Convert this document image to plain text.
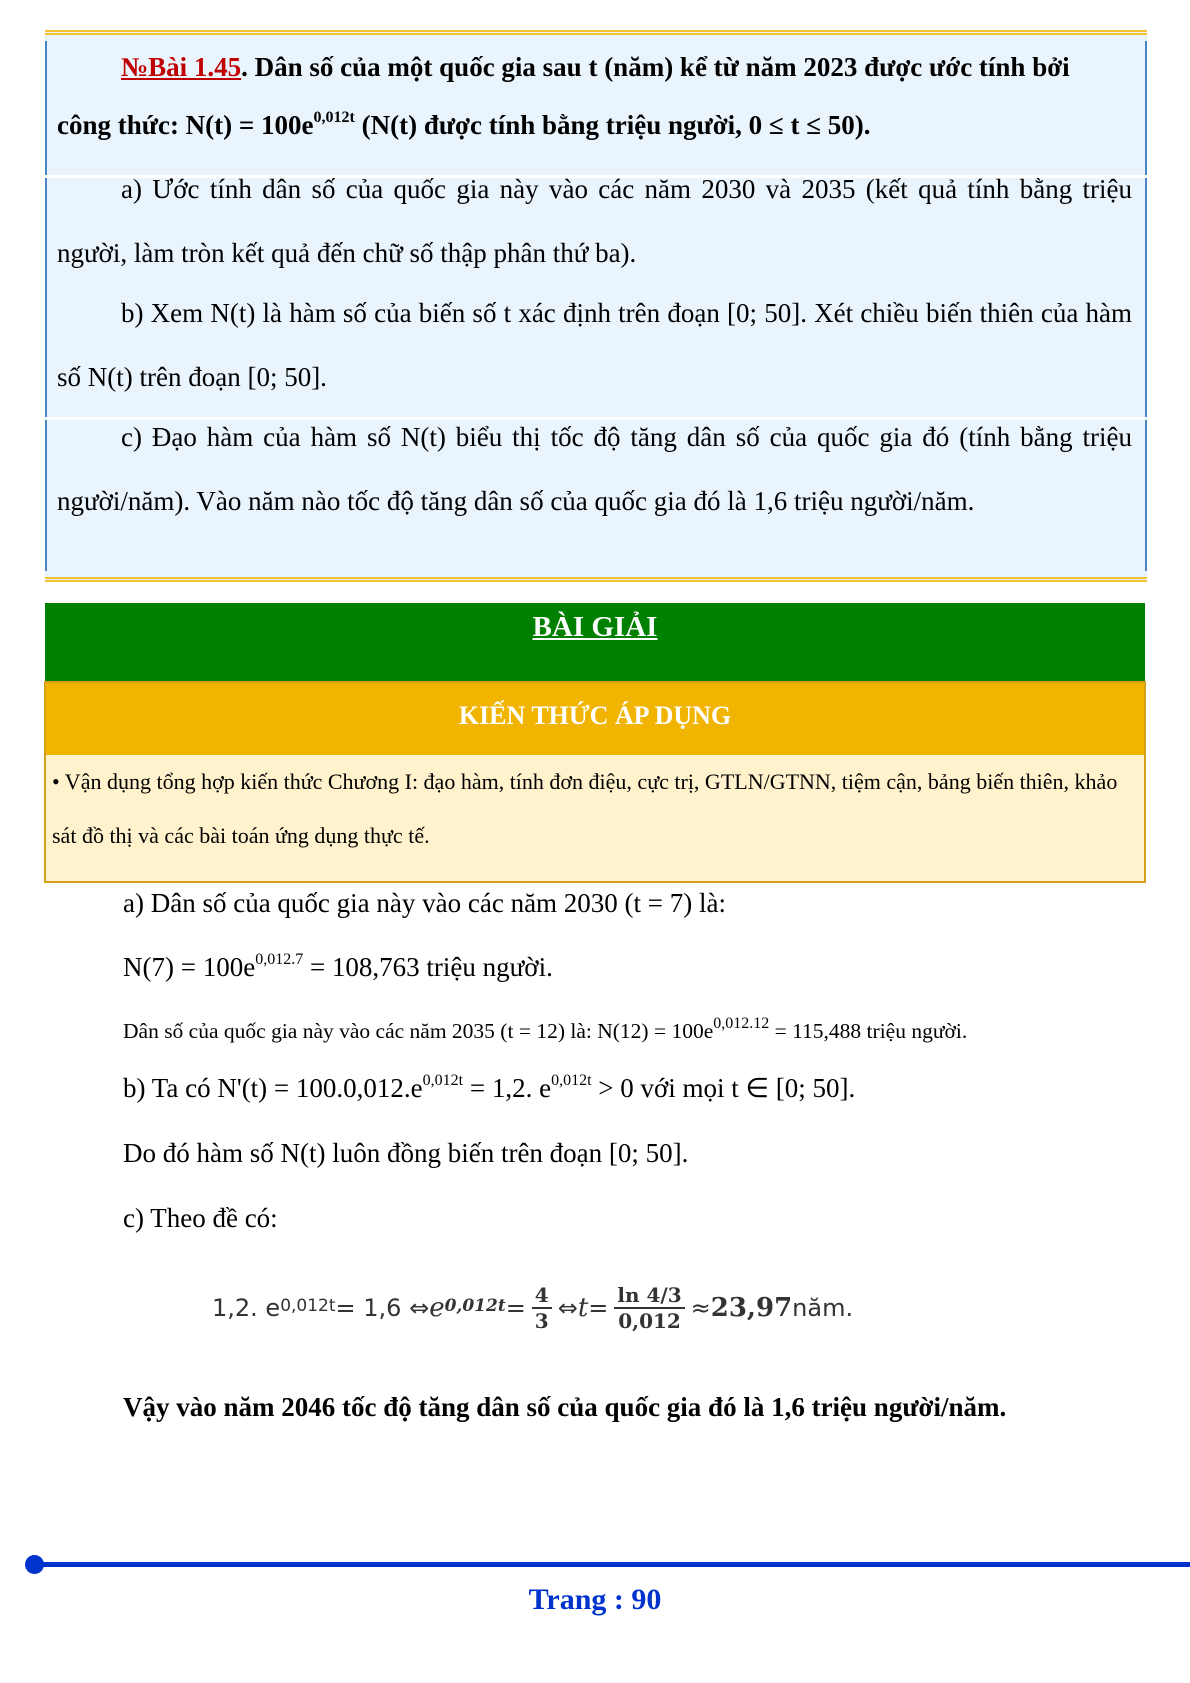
№Bài 1.45. Dân số của một quốc gia sau t (năm) kể từ năm 2023 được ước tính bởi
công thức: $N(t) = 100e^{0,012t}$ (N(t) được tính bằng triệu người, 0 ≤ t ≤ 50).
a) Ước tính dân số của quốc gia này vào các năm 2030 và 2035 (kết quả tính bằng triệu người, làm tròn kết quả đến chữ số thập phân thứ ba).
b) Xem N(t) là hàm số của biến số t xác định trên đoạn [0; 50]. Xét chiều biến thiên của hàm số N(t) trên đoạn [0; 50].
c) Đạo hàm của hàm số N(t) biểu thị tốc độ tăng dân số của quốc gia đó (tính bằng triệu người/năm). Vào năm nào tốc độ tăng dân số của quốc gia đó là 1,6 triệu người/năm.
BÀI GIẢI
KIẾN THỨC ÁP DỤNG
• Vận dụng tổng hợp kiến thức Chương I: đạo hàm, tính đơn điệu, cực trị, GTLN/GTNN, tiệm cận, bảng biến thiên, khảo sát đồ thị và các bài toán ứng dụng thực tế.
a) Dân số của quốc gia này vào các năm 2030 (t = 7) là:
$N(7) = 100e^{0,012.7} = 108,763$ triệu người.
Dân số của quốc gia này vào các năm 2035 (t = 12) là: $N(12) = 100e^{0,012.12} = 115,488$ triệu người.
b) Ta có $N'(t) = 100.0,012.e^{0,012t} = 1,2$. $e^{0,012t} > 0$ với mọi t ∈ [0; 50].
Do đó hàm số N(t) luôn đồng biến trên đoạn [0; 50].
c) Theo đề có:
1,2. $e^{0,012t} = 1,6$ ⇔ $e^{0,012t} = \frac{4}{3}$ ⇔ $t = \frac{\ln 4/3}{0,012} \approx 23,97$ năm.
Vậy vào năm 2046 tốc độ tăng dân số của quốc gia đó là 1,6 triệu người/năm.
Trang : 90
